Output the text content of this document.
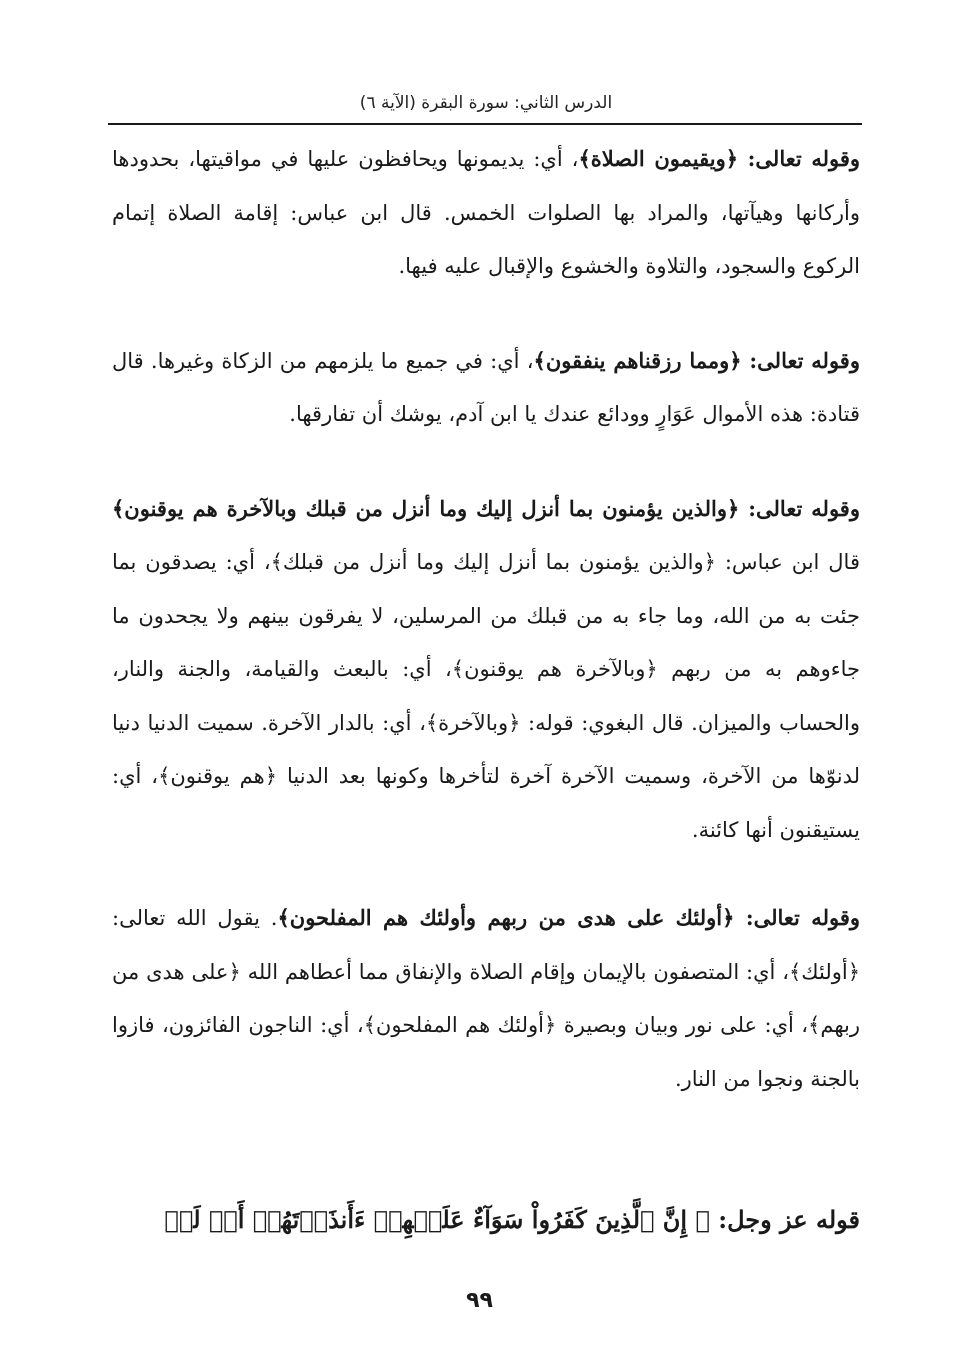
الدرس الثاني: سورة البقرة (الآية ٦)

وقوله تعالى: ﴿ويقيمون الصلاة﴾، أي: يديمونها ويحافظون عليها في مواقيتها، بحدودها وأركانها وهيآتها، والمراد بها الصلوات الخمس. قال ابن عباس: إقامة الصلاة إتمام الركوع والسجود، والتلاوة والخشوع والإقبال عليه فيها.

وقوله تعالى: ﴿ومما رزقناهم ينفقون﴾، أي: في جميع ما يلزمهم من الزكاة وغيرها. قال قتادة: هذه الأموال عَوَارٍ وودائع عندك يا ابن آدم، يوشك أن تفارقها.

وقوله تعالى: ﴿والذين يؤمنون بما أنزل إليك وما أنزل من قبلك وبالآخرة هم يوقنون﴾ قال ابن عباس: ﴿والذين يؤمنون بما أنزل إليك وما أنزل من قبلك﴾، أي: يصدقون بما جئت به من الله، وما جاء به من قبلك من المرسلين، لا يفرقون بينهم ولا يجحدون ما جاءوهم به من ربهم ﴿وبالآخرة هم يوقنون﴾، أي: بالبعث والقيامة، والجنة والنار، والحساب والميزان. قال البغوي: قوله: ﴿وبالآخرة﴾، أي: بالدار الآخرة. سميت الدنيا دنيا لدنوّها من الآخرة، وسميت الآخرة آخرة لتأخرها وكونها بعد الدنيا ﴿هم يوقنون﴾، أي: يستيقنون أنها كائنة.

وقوله تعالى: ﴿أولئك على هدى من ربهم وأولئك هم المفلحون﴾. يقول الله تعالى: ﴿أولئك﴾، أي: المتصفون بالإيمان وإقام الصلاة والإنفاق مما أعطاهم الله ﴿على هدى من ربهم﴾، أي: على نور وبيان وبصيرة ﴿أولئك هم المفلحون﴾، أي: الناجون الفائزون، فازوا بالجنة ونجوا من النار.

قوله عز وجل: ﴿ إِنَّ ٱلَّذِينَ كَفَرُواْ سَوَآءٌ عَلَيۡهِمۡ ءَأَنذَرۡتَهُمۡ أَمۡ لَمۡ
٩٩
